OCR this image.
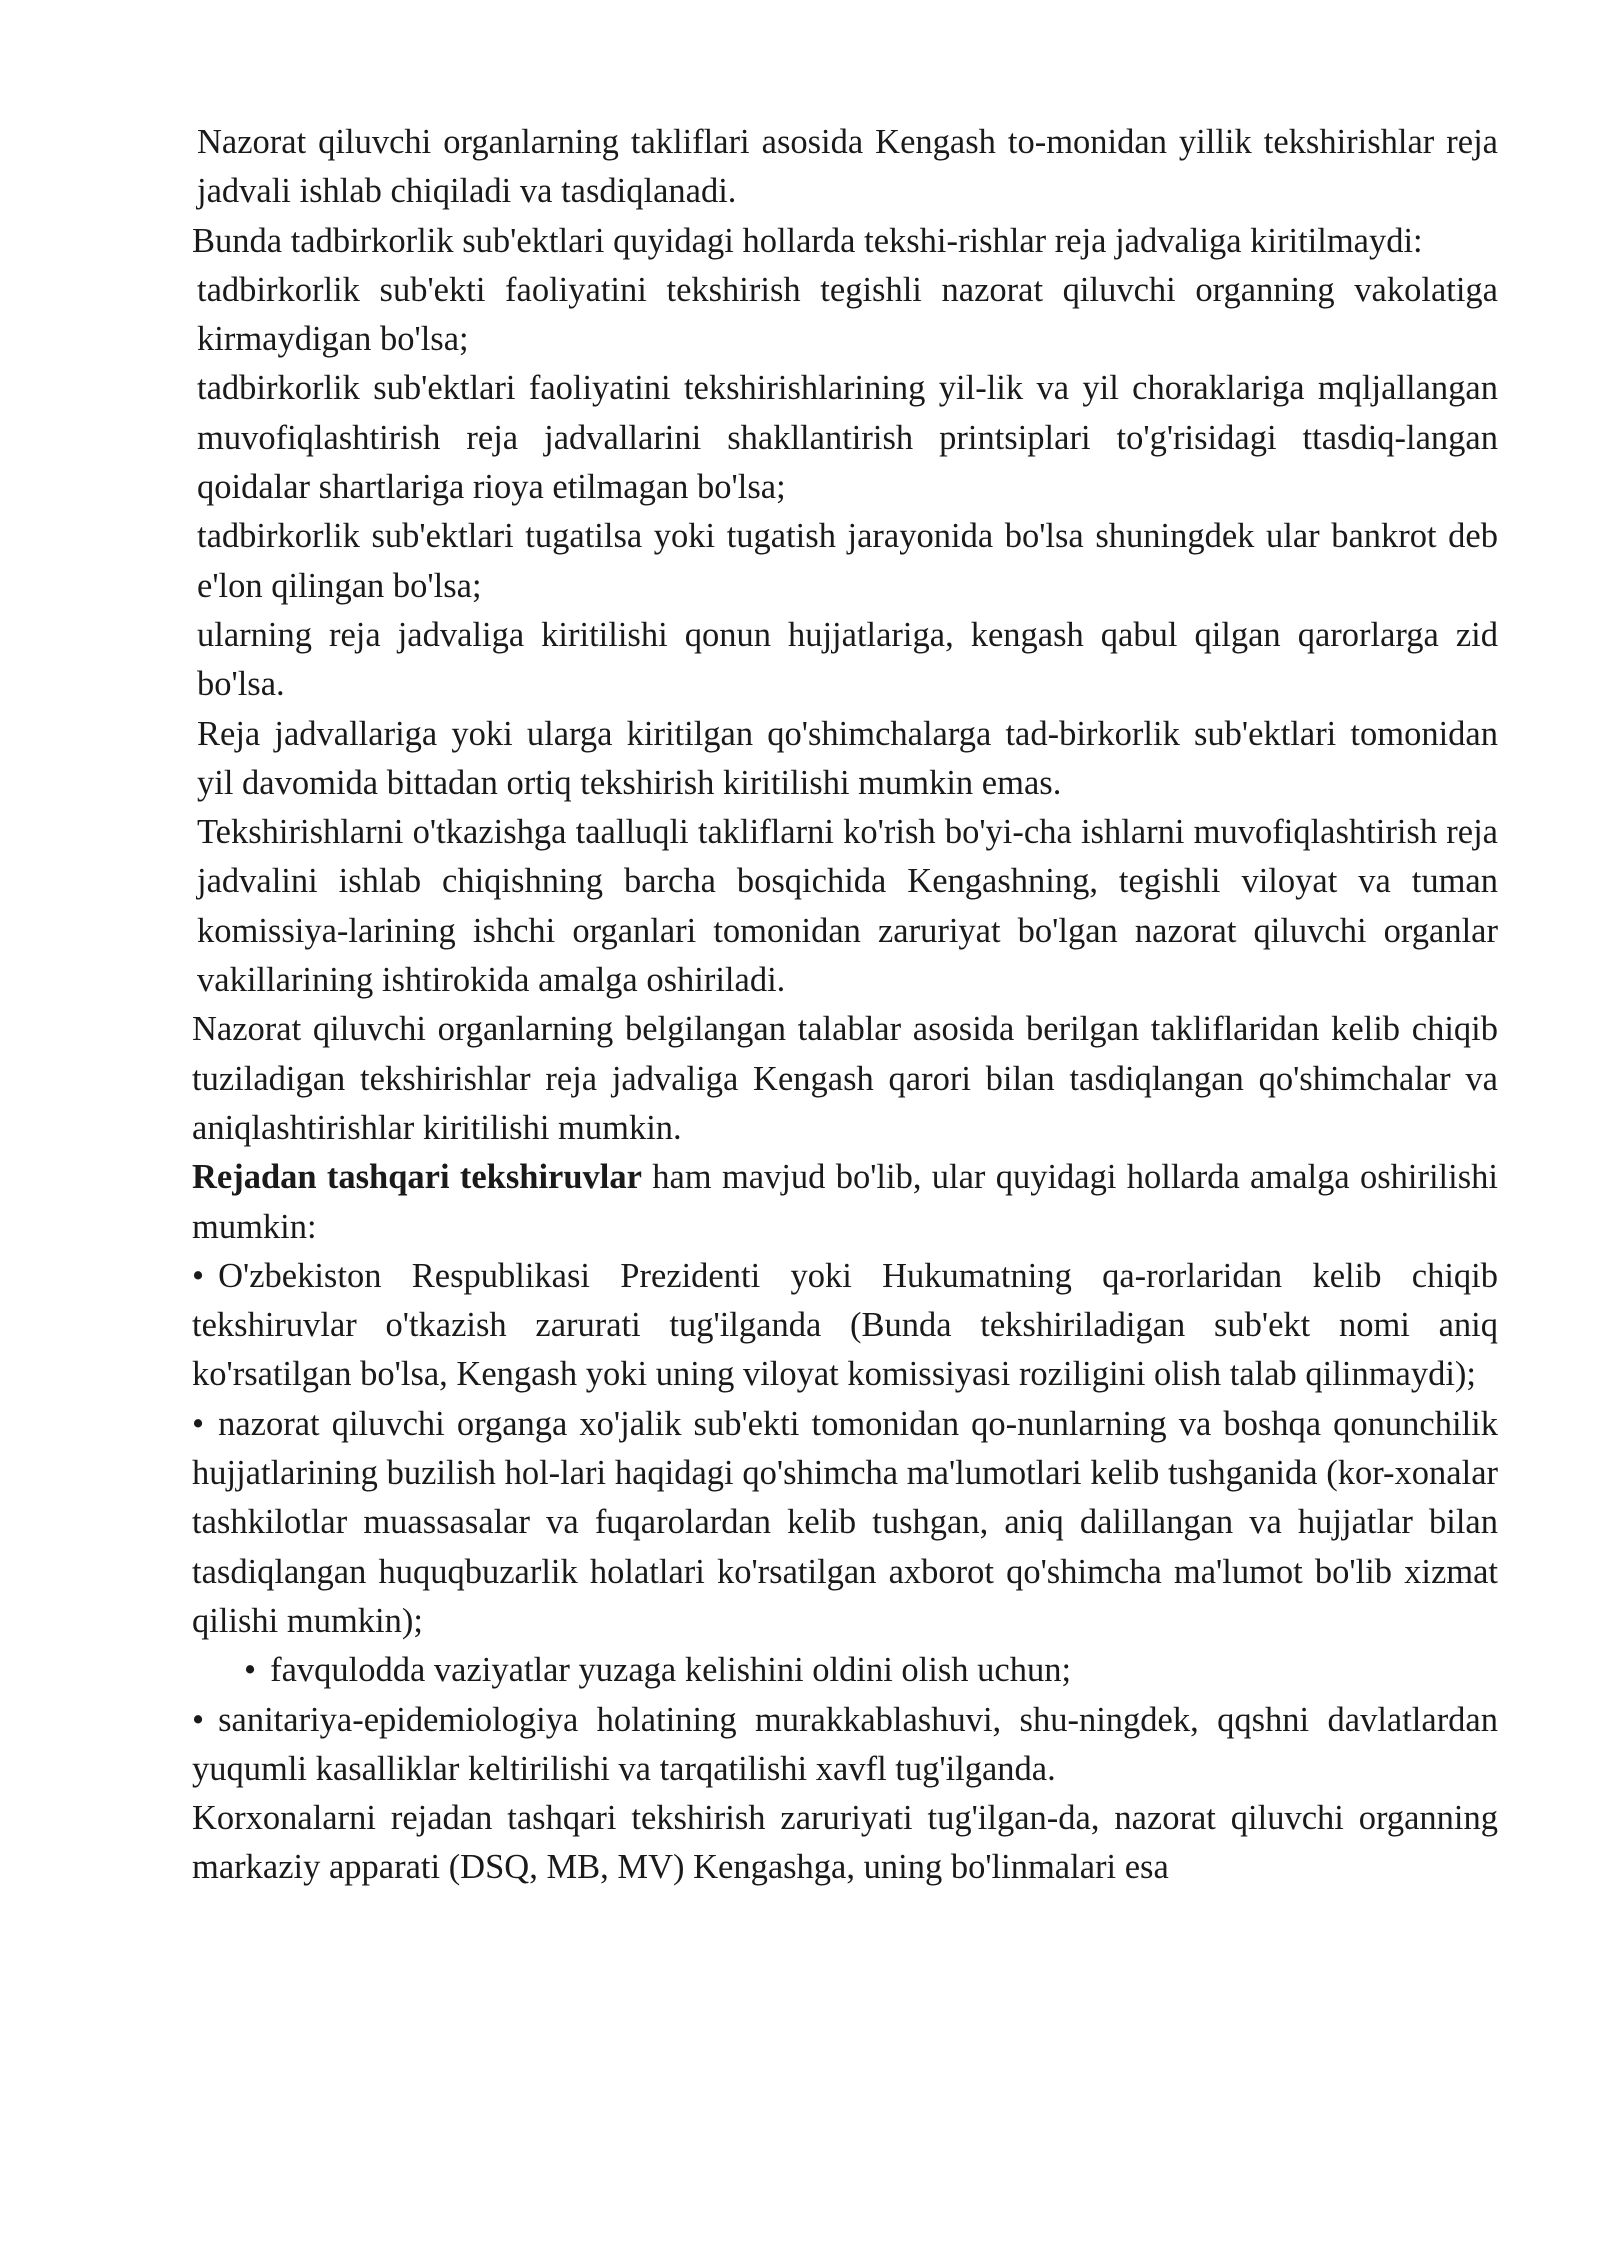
Nazorat qiluvchi organlarning takliflari asosida Kengash to-monidan yillik tekshirishlar reja jadvali ishlab chiqiladi va tasdiqlanadi.

Bunda tadbirkorlik sub'ektlari quyidagi hollarda tekshi-rishlar reja jadvaliga kiritilmaydi:

tadbirkorlik sub'ekti faoliyatini tekshirish tegishli nazorat qiluvchi organning vakolatiga kirmaydigan bo'lsa;

tadbirkorlik sub'ektlari faoliyatini tekshirishlarining yil-lik va yil choraklariga mqljallangan muvofiqlashtirish reja jadvallarini shakllantirish printsiplari to'g'risidagi ttasdiq-langan qoidalar shartlariga rioya etilmagan bo'lsa;

tadbirkorlik sub'ektlari tugatilsa yoki tugatish jarayonida bo'lsa shuningdek ular bankrot deb e'lon qilingan bo'lsa;

ularning reja jadvaliga kiritilishi qonun hujjatlariga, kengash qabul qilgan qarorlarga zid bo'lsa.

Reja jadvallariga yoki ularga kiritilgan qo'shimchalarga tad-birkorlik sub'ektlari tomonidan yil davomida bittadan ortiq tekshirish kiritilishi mumkin emas.

Tekshirishlarni o'tkazishga taalluqli takliflarni ko'rish bo'yi-cha ishlarni muvofiqlashtirish reja jadvalini ishlab chiqishning barcha bosqichida Kengashning, tegishli viloyat va tuman komissiya-larining ishchi organlari tomonidan zaruriyat bo'lgan nazorat qiluvchi organlar vakillarining ishtirokida amalga oshiriladi.

Nazorat qiluvchi organlarning belgilangan talablar asosida berilgan takliflaridan kelib chiqib tuziladigan tekshirishlar reja jadvaliga Kengash qarori bilan tasdiqlangan qo'shimchalar va aniqlashtirishlar kiritilishi mumkin.

Rejadan tashqari tekshiruvlar ham mavjud bo'lib, ular quyidagi hollarda amalga oshirilishi mumkin:

• O'zbekiston Respublikasi Prezidenti yoki Hukumatning qa-rorlaridan kelib chiqib tekshiruvlar o'tkazish zarurati tug'ilganda (Bunda tekshiriladigan sub'ekt nomi aniq ko'rsatilgan bo'lsa, Kengash yoki uning viloyat komissiyasi roziligini olish talab qilinmaydi);

• nazorat qiluvchi organga xo'jalik sub'ekti tomonidan qo-nunlarning va boshqa qonunchilik hujjatlarining buzilish hol-lari haqidagi qo'shimcha ma'lumotlari kelib tushganida (kor-xonalar tashkilotlar muassasalar va fuqarolardan kelib tushgan, aniq dalillangan va hujjatlar bilan tasdiqlangan huquqbuzarlik holatlari ko'rsatilgan axborot qo'shimcha ma'lumot bo'lib xizmat qilishi mumkin);

• favqulodda vaziyatlar yuzaga kelishini oldini olish uchun;

• sanitariya-epidemiologiya holatining murakkablashuvi, shu-ningdek, qqshni davlatlardan yuqumli kasalliklar keltirilishi va tarqatilishi xavfl tug'ilganda.

Korxonalarni rejadan tashqari tekshirish zaruriyati tug'ilgan-da, nazorat qiluvchi organning markaziy apparati (DSQ, MB, MV) Kengashga, uning bo'linmalari esa
